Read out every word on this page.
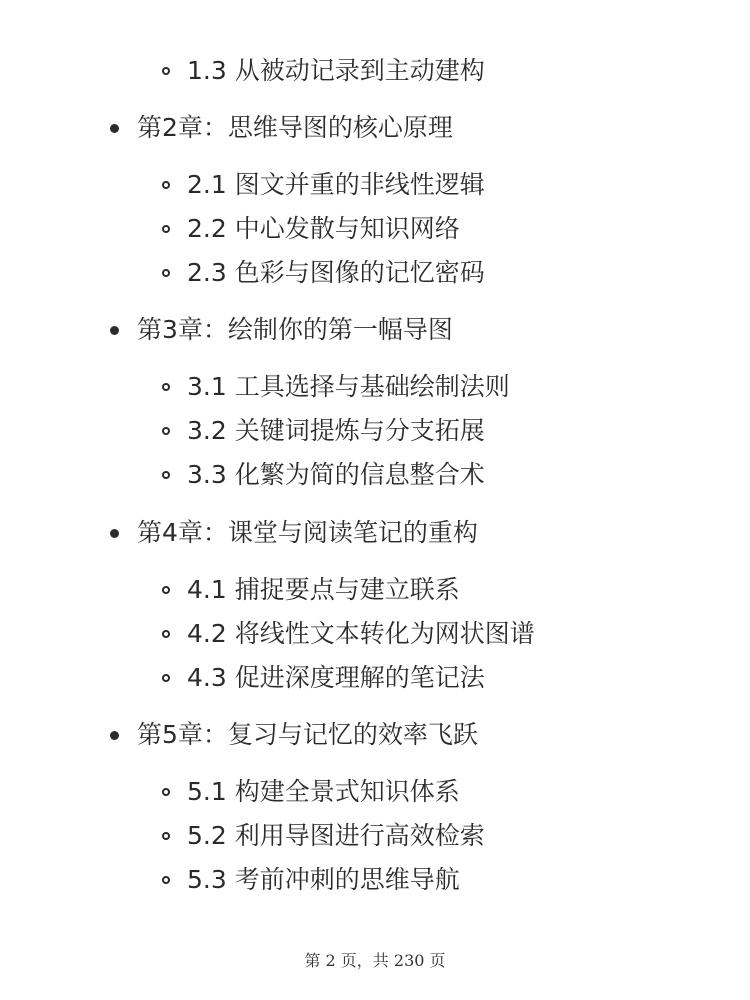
1.3 从被动记录到主动建构
第2章：思维导图的核心原理
2.1 图文并重的非线性逻辑
2.2 中心发散与知识网络
2.3 色彩与图像的记忆密码
第3章：绘制你的第一幅导图
3.1 工具选择与基础绘制法则
3.2 关键词提炼与分支拓展
3.3 化繁为简的信息整合术
第4章：课堂与阅读笔记的重构
4.1 捕捉要点与建立联系
4.2 将线性文本转化为网状图谱
4.3 促进深度理解的笔记法
第5章：复习与记忆的效率飞跃
5.1 构建全景式知识体系
5.2 利用导图进行高效检索
5.3 考前冲刺的思维导航
第 2 页，共 230 页
